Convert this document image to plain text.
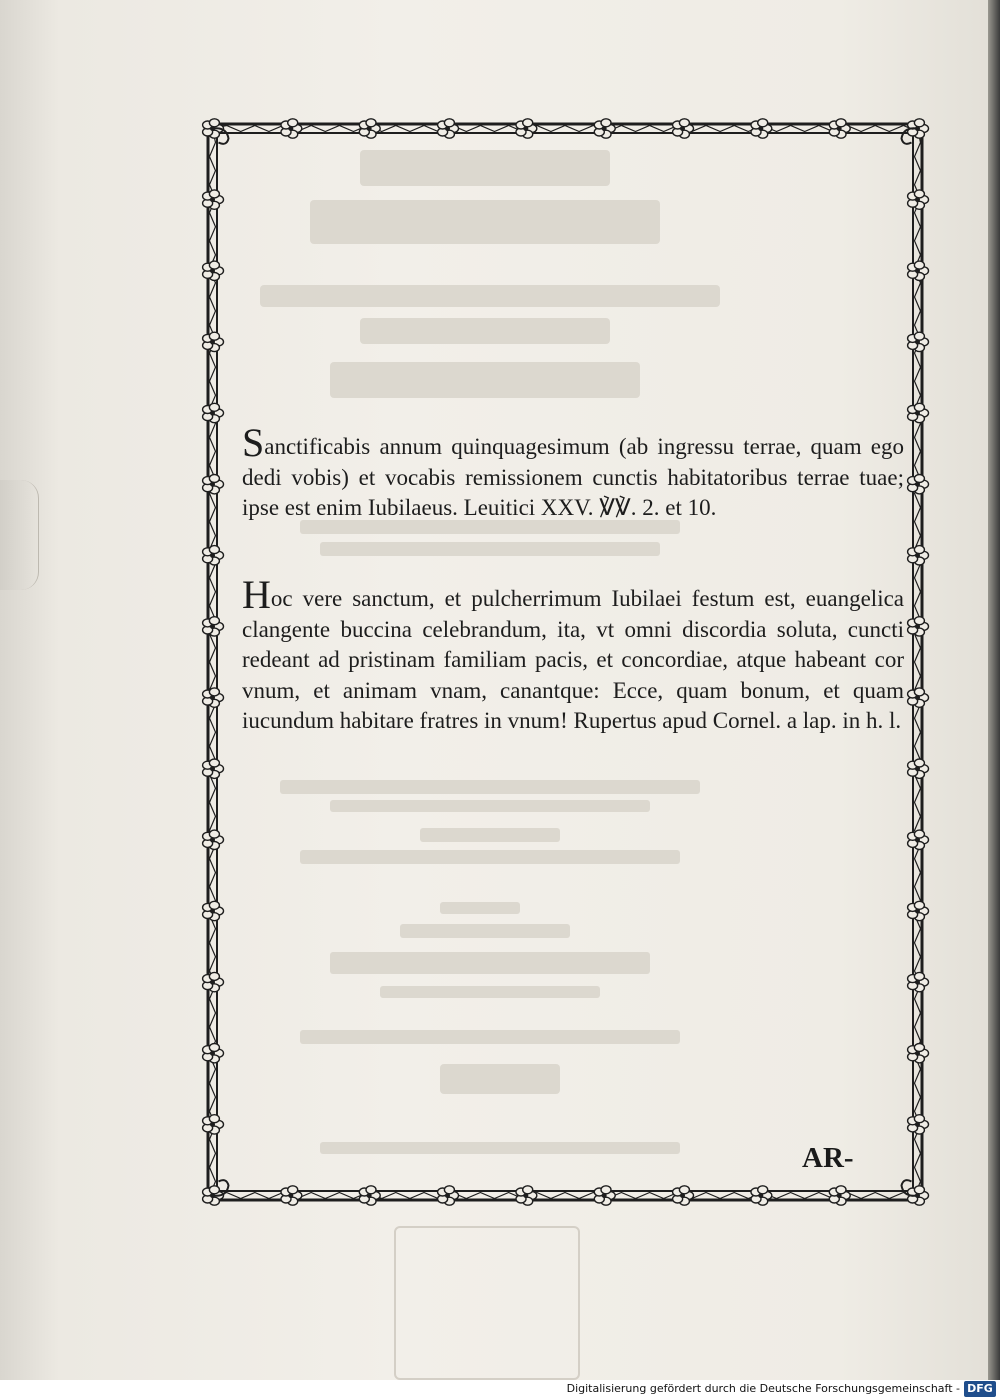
Sanctificabis annum quinquagesimum (ab ingressu terrae, quam ego dedi vobis) et vocabis remissionem cunctis habitatoribus terrae tuae; ipse est enim Iubilaeus. Leuitici XXV. ℣℣. 2. et 10.

Hoc vere sanctum, et pulcherrimum Iubilaei festum est, euangelica clangente buccina celebrandum, ita, vt omni discordia soluta, cuncti redeant ad pristinam familiam pacis, et concordiae, atque habeant cor vnum, et animam vnam, canantque: Ecce, quam bonum, et quam iucundum habitare fratres in vnum! Rupertus apud Cornel. a lap. in h. l.

AR-
Digitalisierung gefördert durch die Deutsche Forschungsgemeinschaft - DFG
